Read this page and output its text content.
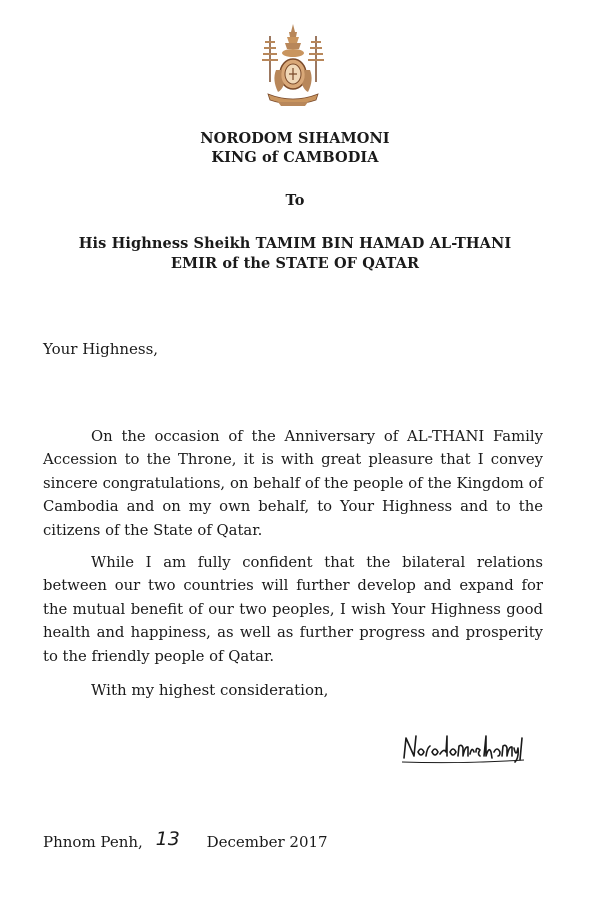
NORODOM SIHAMONI
KING of CAMBODIA
To
His Highness Sheikh TAMIM BIN HAMAD AL-THANI
EMIR of the STATE OF QATAR
Your Highness,

On the occasion of the Anniversary of AL-THANI Family Accession to the Throne, it is with great pleasure that I convey sincere congratulations, on behalf of the people of the Kingdom of Cambodia and on my own behalf, to Your Highness and to the citizens of the State of Qatar.

While I am fully confident that the bilateral relations between our two countries will further develop and expand for the mutual benefit of our two peoples, I wish Your Highness good health and happiness, as well as further progress and prosperity to the friendly people of Qatar.

With my highest consideration,
Phnom Penh, 13 December 2017
